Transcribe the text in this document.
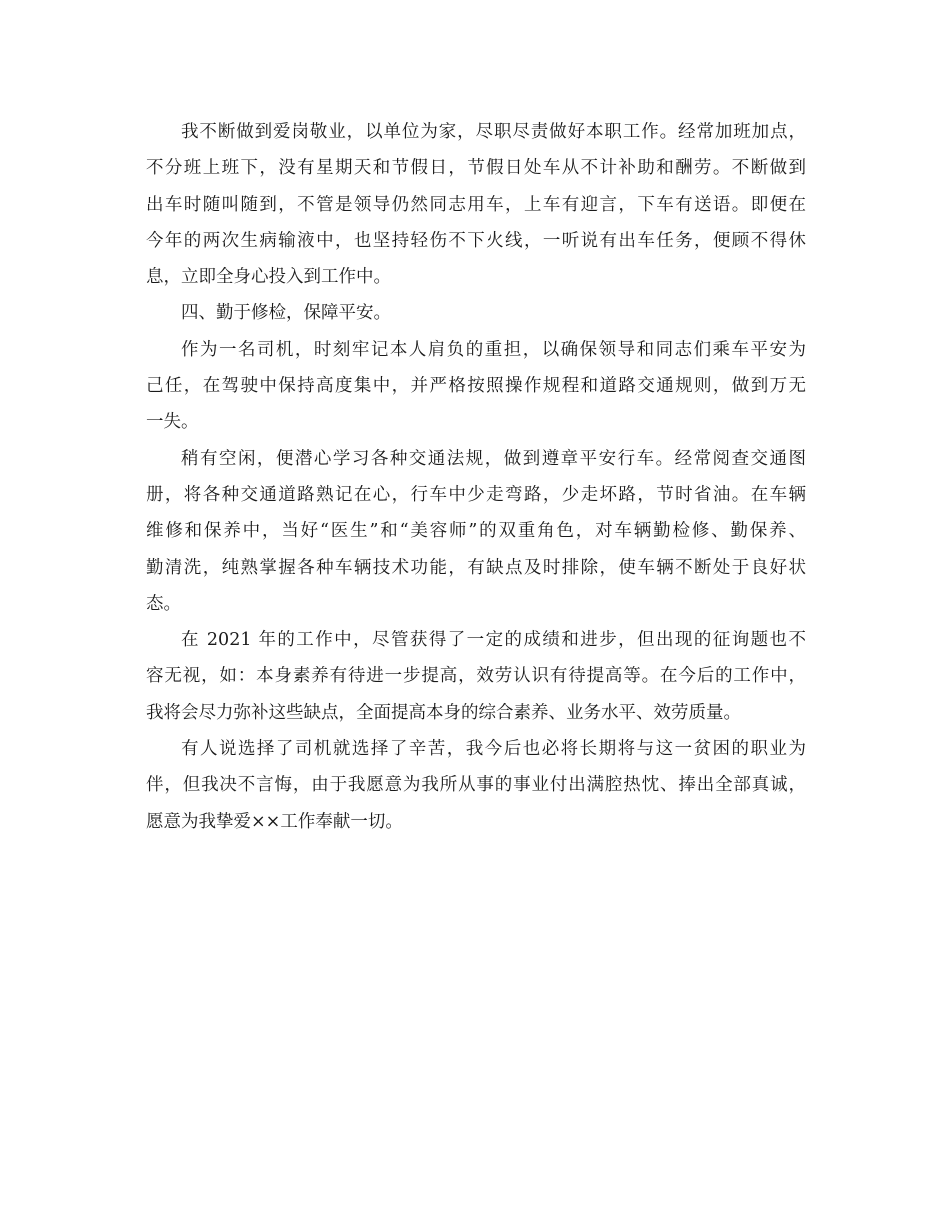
我不断做到爱岗敬业，以单位为家，尽职尽责做好本职工作。经常加班加点，
不分班上班下，没有星期天和节假日，节假日处车从不计补助和酬劳。不断做到
出车时随叫随到，不管是领导仍然同志用车，上车有迎言，下车有送语。即便在
今年的两次生病输液中，也坚持轻伤不下火线，一听说有出车任务，便顾不得休
息，立即全身心投入到工作中。

四、勤于修检，保障平安。

作为一名司机，时刻牢记本人肩负的重担，以确保领导和同志们乘车平安为
己任，在驾驶中保持高度集中，并严格按照操作规程和道路交通规则，做到万无
一失。

稍有空闲，便潜心学习各种交通法规，做到遵章平安行车。经常阅查交通图
册，将各种交通道路熟记在心，行车中少走弯路，少走坏路，节时省油。在车辆
维修和保养中，当好“医生”和“美容师”的双重角色，对车辆勤检修、勤保养、
勤清洗，纯熟掌握各种车辆技术功能，有缺点及时排除，使车辆不断处于良好状
态。

在 2021 年的工作中，尽管获得了一定的成绩和进步，但出现的征询题也不
容无视，如：本身素养有待进一步提高，效劳认识有待提高等。在今后的工作中，
我将会尽力弥补这些缺点，全面提高本身的综合素养、业务水平、效劳质量。

有人说选择了司机就选择了辛苦，我今后也必将长期将与这一贫困的职业为
伴，但我决不言悔，由于我愿意为我所从事的事业付出满腔热忱、捧出全部真诚，
愿意为我挚爱××工作奉献一切。
